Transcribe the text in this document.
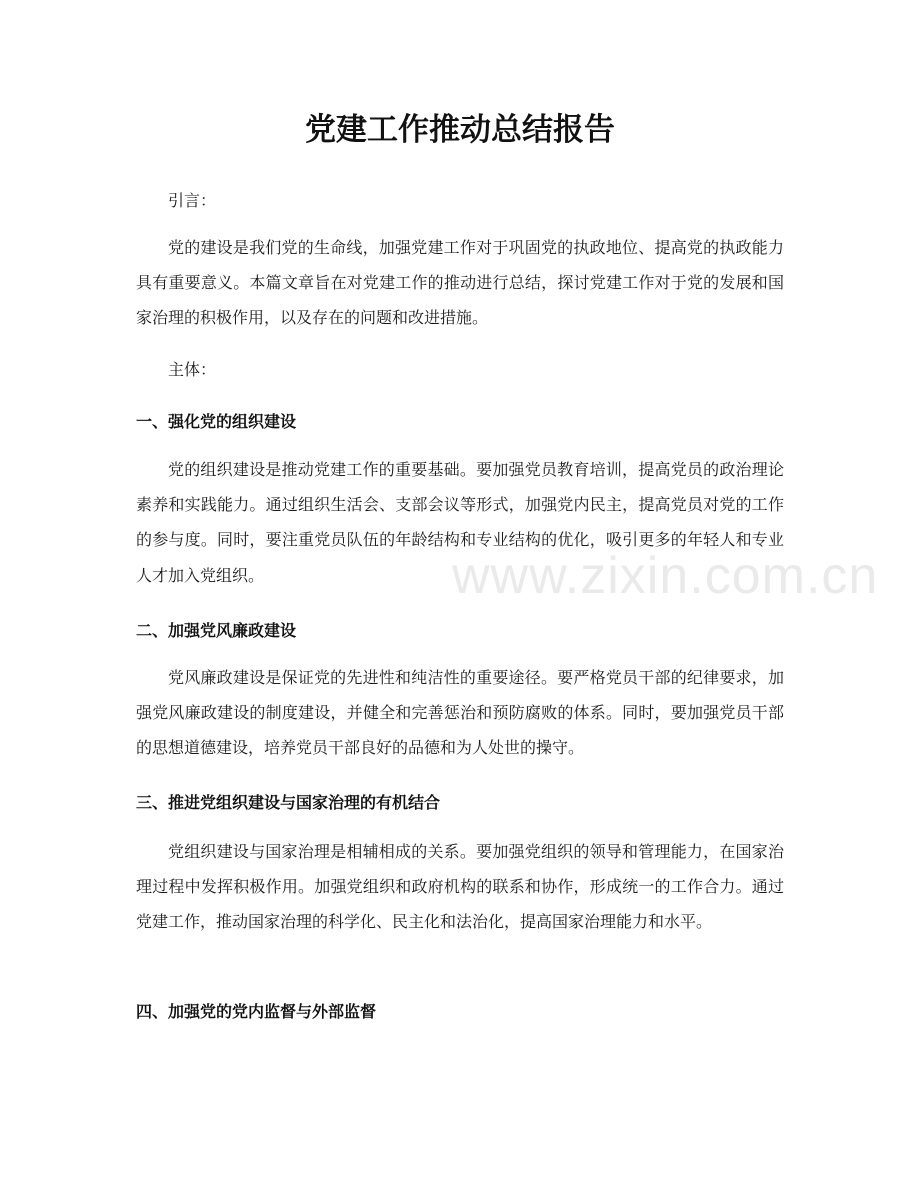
党建工作推动总结报告

引言：

党的建设是我们党的生命线，加强党建工作对于巩固党的执政地位、提高党的执政能力具有重要意义。本篇文章旨在对党建工作的推动进行总结，探讨党建工作对于党的发展和国家治理的积极作用，以及存在的问题和改进措施。

主体：

一、强化党的组织建设

党的组织建设是推动党建工作的重要基础。要加强党员教育培训，提高党员的政治理论素养和实践能力。通过组织生活会、支部会议等形式，加强党内民主，提高党员对党的工作的参与度。同时，要注重党员队伍的年龄结构和专业结构的优化，吸引更多的年轻人和专业人才加入党组织。

二、加强党风廉政建设

党风廉政建设是保证党的先进性和纯洁性的重要途径。要严格党员干部的纪律要求，加强党风廉政建设的制度建设，并健全和完善惩治和预防腐败的体系。同时，要加强党员干部的思想道德建设，培养党员干部良好的品德和为人处世的操守。

三、推进党组织建设与国家治理的有机结合

党组织建设与国家治理是相辅相成的关系。要加强党组织的领导和管理能力，在国家治理过程中发挥积极作用。加强党组织和政府机构的联系和协作，形成统一的工作合力。通过党建工作，推动国家治理的科学化、民主化和法治化，提高国家治理能力和水平。

四、加强党的党内监督与外部监督
www.zixin.com.cn
